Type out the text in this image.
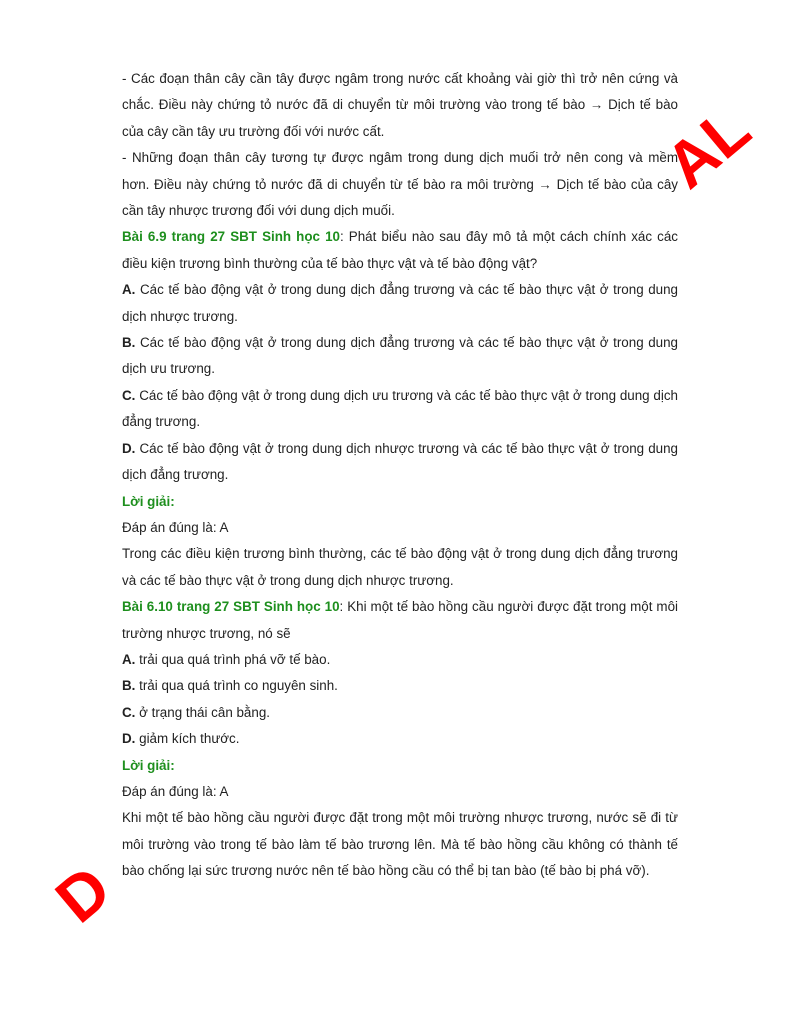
- Các đoạn thân cây cần tây được ngâm trong nước cất khoảng vài giờ thì trở nên cứng và chắc. Điều này chứng tỏ nước đã di chuyển từ môi trường vào trong tế bào → Dịch tế bào của cây cần tây ưu trường đối với nước cất.

- Những đoạn thân cây tương tự được ngâm trong dung dịch muối trở nên cong và mềm hơn. Điều này chứng tỏ nước đã di chuyển từ tế bào ra môi trường → Dịch tế bào của cây cần tây nhược trương đối với dung dịch muối.

Bài 6.9 trang 27 SBT Sinh học 10: Phát biểu nào sau đây mô tả một cách chính xác các điều kiện trương bình thường của tế bào thực vật và tế bào động vật?

A. Các tế bào động vật ở trong dung dịch đẳng trương và các tế bào thực vật ở trong dung dịch nhược trương.

B. Các tế bào động vật ở trong dung dịch đẳng trương và các tế bào thực vật ở trong dung dịch ưu trương.

C. Các tế bào động vật ở trong dung dịch ưu trương và các tế bào thực vật ở trong dung dịch đẳng trương.

D. Các tế bào động vật ở trong dung dịch nhược trương và các tế bào thực vật ở trong dung dịch đẳng trương.

Lời giải:

Đáp án đúng là: A

Trong các điều kiện trương bình thường, các tế bào động vật ở trong dung dịch đẳng trương và các tế bào thực vật ở trong dung dịch nhược trương.

Bài 6.10 trang 27 SBT Sinh học 10: Khi một tế bào hồng cầu người được đặt trong một môi trường nhược trương, nó sẽ

A. trải qua quá trình phá vỡ tế bào.

B. trải qua quá trình co nguyên sinh.

C. ở trạng thái cân bằng.

D. giảm kích thước.

Lời giải:

Đáp án đúng là: A

Khi một tế bào hồng cầu người được đặt trong một môi trường nhược trương, nước sẽ đi từ môi trường vào trong tế bào làm tế bào trương lên. Mà tế bào hồng cầu không có thành tế bào chống lại sức trương nước nên tế bào hồng cầu có thể bị tan bào (tế bào bị phá vỡ).

AL
D
